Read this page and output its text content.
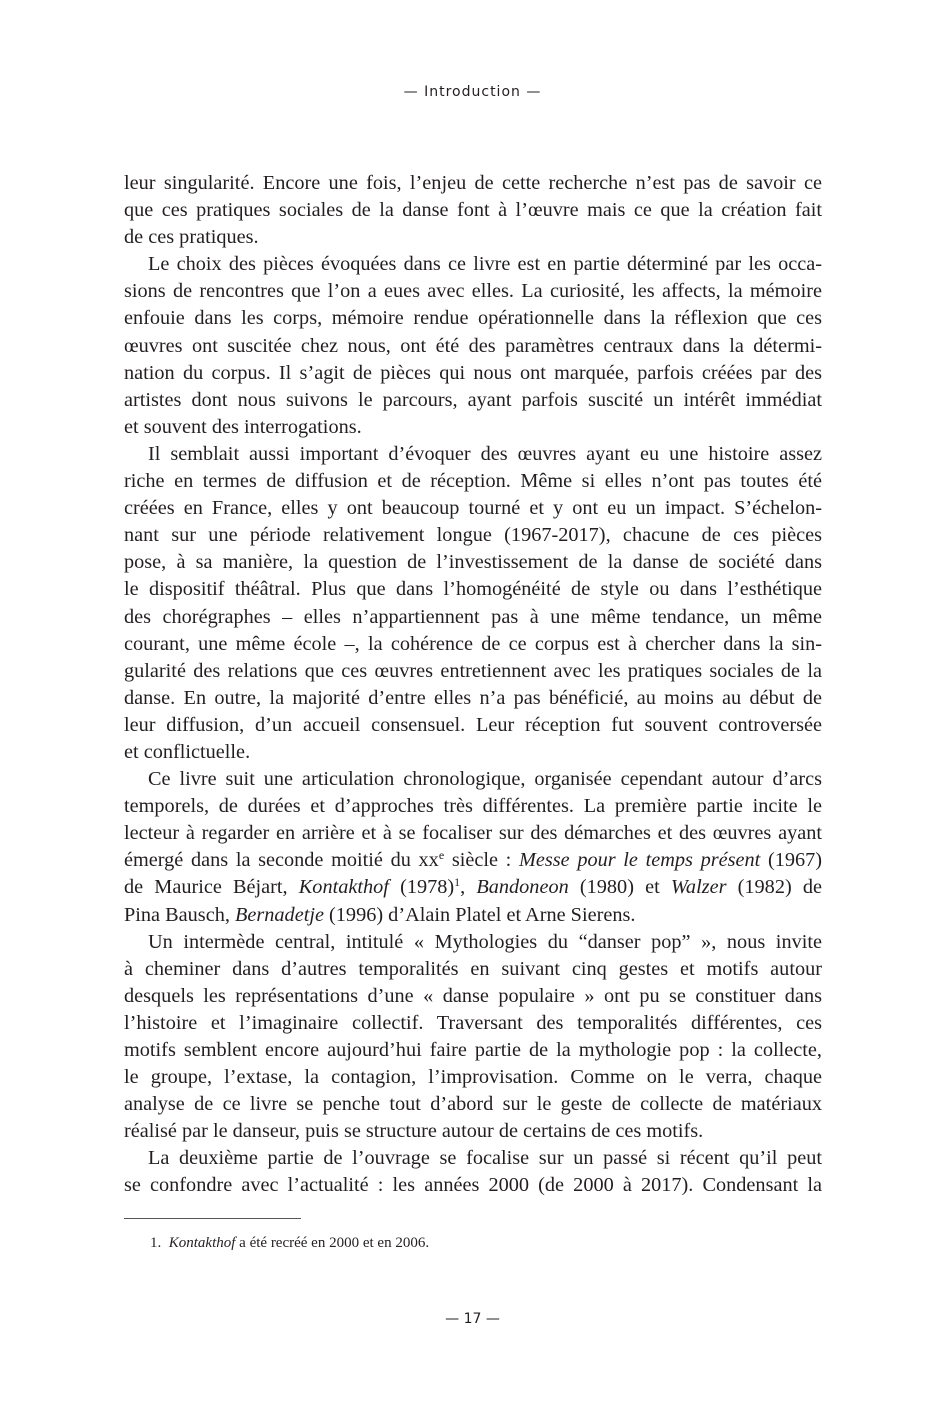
— Introduction —
leur singularité. Encore une fois, l’enjeu de cette recherche n’est pas de savoir ce
que ces pratiques sociales de la danse font à l’œuvre mais ce que la création fait
de ces pratiques.
Le choix des pièces évoquées dans ce livre est en partie déterminé par les occa-
sions de rencontres que l’on a eues avec elles. La curiosité, les affects, la mémoire
enfouie dans les corps, mémoire rendue opérationnelle dans la réflexion que ces
œuvres ont suscitée chez nous, ont été des paramètres centraux dans la détermi-
nation du corpus. Il s’agit de pièces qui nous ont marquée, parfois créées par des
artistes dont nous suivons le parcours, ayant parfois suscité un intérêt immédiat
et souvent des interrogations.
Il semblait aussi important d’évoquer des œuvres ayant eu une histoire assez
riche en termes de diffusion et de réception. Même si elles n’ont pas toutes été
créées en France, elles y ont beaucoup tourné et y ont eu un impact. S’échelon-
nant sur une période relativement longue (1967-2017), chacune de ces pièces
pose, à sa manière, la question de l’investissement de la danse de société dans
le dispositif théâtral. Plus que dans l’homogénéité de style ou dans l’esthétique
des chorégraphes – elles n’appartiennent pas à une même tendance, un même
courant, une même école –, la cohérence de ce corpus est à chercher dans la sin-
gularité des relations que ces œuvres entretiennent avec les pratiques sociales de la
danse. En outre, la majorité d’entre elles n’a pas bénéficié, au moins au début de
leur diffusion, d’un accueil consensuel. Leur réception fut souvent controversée
et conflictuelle.
Ce livre suit une articulation chronologique, organisée cependant autour d’arcs
temporels, de durées et d’approches très différentes. La première partie incite le
lecteur à regarder en arrière et à se focaliser sur des démarches et des œuvres ayant
émergé dans la seconde moitié du $xx^e$ siècle : Messe pour le temps présent (1967)
de Maurice Béjart, Kontakthof $(1978)^1$, Bandoneon (1980) et Walzer (1982) de
Pina Bausch, Bernadetje (1996) d’Alain Platel et Arne Sierens.
Un intermède central, intitulé « Mythologies du “danser pop” », nous invite
à cheminer dans d’autres temporalités en suivant cinq gestes et motifs autour
desquels les représentations d’une « danse populaire » ont pu se constituer dans
l’histoire et l’imaginaire collectif. Traversant des temporalités différentes, ces
motifs semblent encore aujourd’hui faire partie de la mythologie pop : la collecte,
le groupe, l’extase, la contagion, l’improvisation. Comme on le verra, chaque
analyse de ce livre se penche tout d’abord sur le geste de collecte de matériaux
réalisé par le danseur, puis se structure autour de certains de ces motifs.
La deuxième partie de l’ouvrage se focalise sur un passé si récent qu’il peut
se confondre avec l’actualité : les années 2000 (de 2000 à 2017). Condensant la
1. Kontakthof a été recréé en 2000 et en 2006.
— 17 —
